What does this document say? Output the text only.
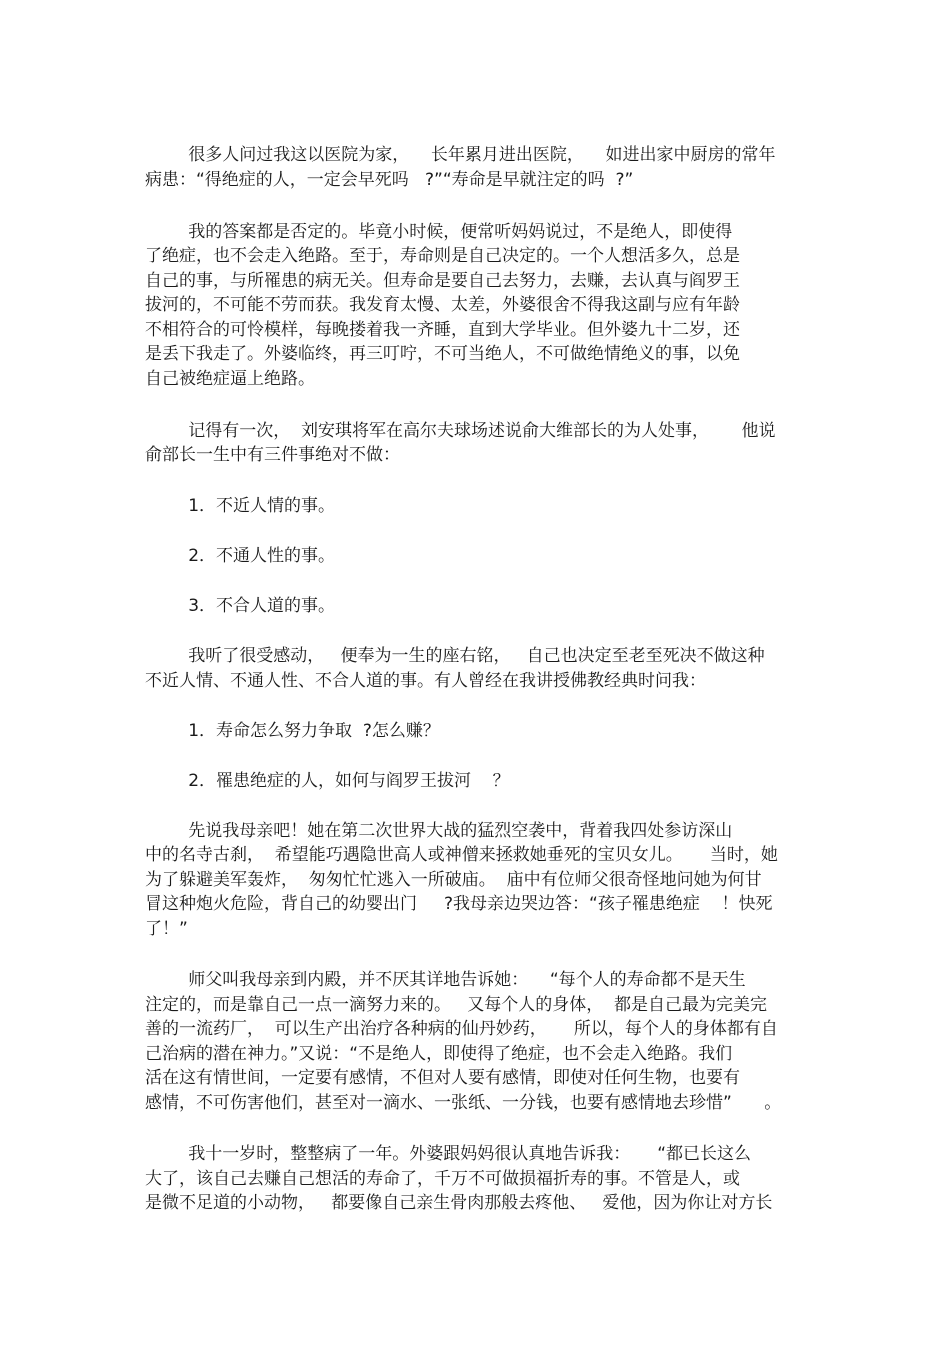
很多人问过我这以医院为家，    长年累月进出医院，    如进出家中厨房的常年
病患：“得绝症的人，一定会早死吗   ?”“寿命是早就注定的吗  ?”
我的答案都是否定的。毕竟小时候，便常听妈妈说过，不是绝人，即使得
了绝症，也不会走入绝路。至于，寿命则是自己决定的。一个人想活多久，总是
自己的事，与所罹患的病无关。但寿命是要自己去努力，去赚，去认真与阎罗王
拔河的，不可能不劳而获。我发育太慢、太差，外婆很舍不得我这副与应有年龄
不相符合的可怜模样，每晚搂着我一齐睡，直到大学毕业。但外婆九十二岁，还
是丢下我走了。外婆临终，再三叮咛，不可当绝人，不可做绝情绝义的事，以免
自己被绝症逼上绝路。
记得有一次，  刘安琪将军在高尔夫球场述说俞大维部长的为人处事，      他说
俞部长一生中有三件事绝对不做：
1．不近人情的事。
2．不通人性的事。
3．不合人道的事。
我听了很受感动，   便奉为一生的座右铭，   自己也决定至老至死决不做这种
不近人情、不通人性、不合人道的事。有人曾经在我讲授佛教经典时问我：
1．寿命怎么努力争取  ?怎么赚？
2．罹患绝症的人，如何与阎罗王拔河    ？
先说我母亲吧！她在第二次世界大战的猛烈空袭中，背着我四处参访深山
中的名寺古刹，  希望能巧遇隐世高人或神僧来拯救她垂死的宝贝女儿。     当时，她
为了躲避美军轰炸，  匆匆忙忙逃入一所破庙。  庙中有位师父很奇怪地问她为何甘
冒这种炮火危险，背自己的幼婴出门     ?我母亲边哭边答：“孩子罹患绝症    ！快死
了！”
师父叫我母亲到内殿，并不厌其详地告诉她：    “每个人的寿命都不是天生
注定的，而是靠自己一点一滴努力来的。   又每个人的身体，  都是自己最为完美完
善的一流药厂，  可以生产出治疗各种病的仙丹妙药，     所以，每个人的身体都有自
己治病的潜在神力。”又说：“不是绝人，即使得了绝症，也不会走入绝路。我们
活在这有情世间，一定要有感情，不但对人要有感情，即使对任何生物，也要有
感情，不可伤害他们，甚至对一滴水、一张纸、一分钱，也要有感情地去珍惜”      。
我十一岁时，整整病了一年。外婆跟妈妈很认真地告诉我：     “都已长这么
大了，该自己去赚自己想活的寿命了，千万不可做损福折寿的事。不管是人，或
是微不足道的小动物，   都要像自己亲生骨肉那般去疼他、   爱他，因为你让对方长
